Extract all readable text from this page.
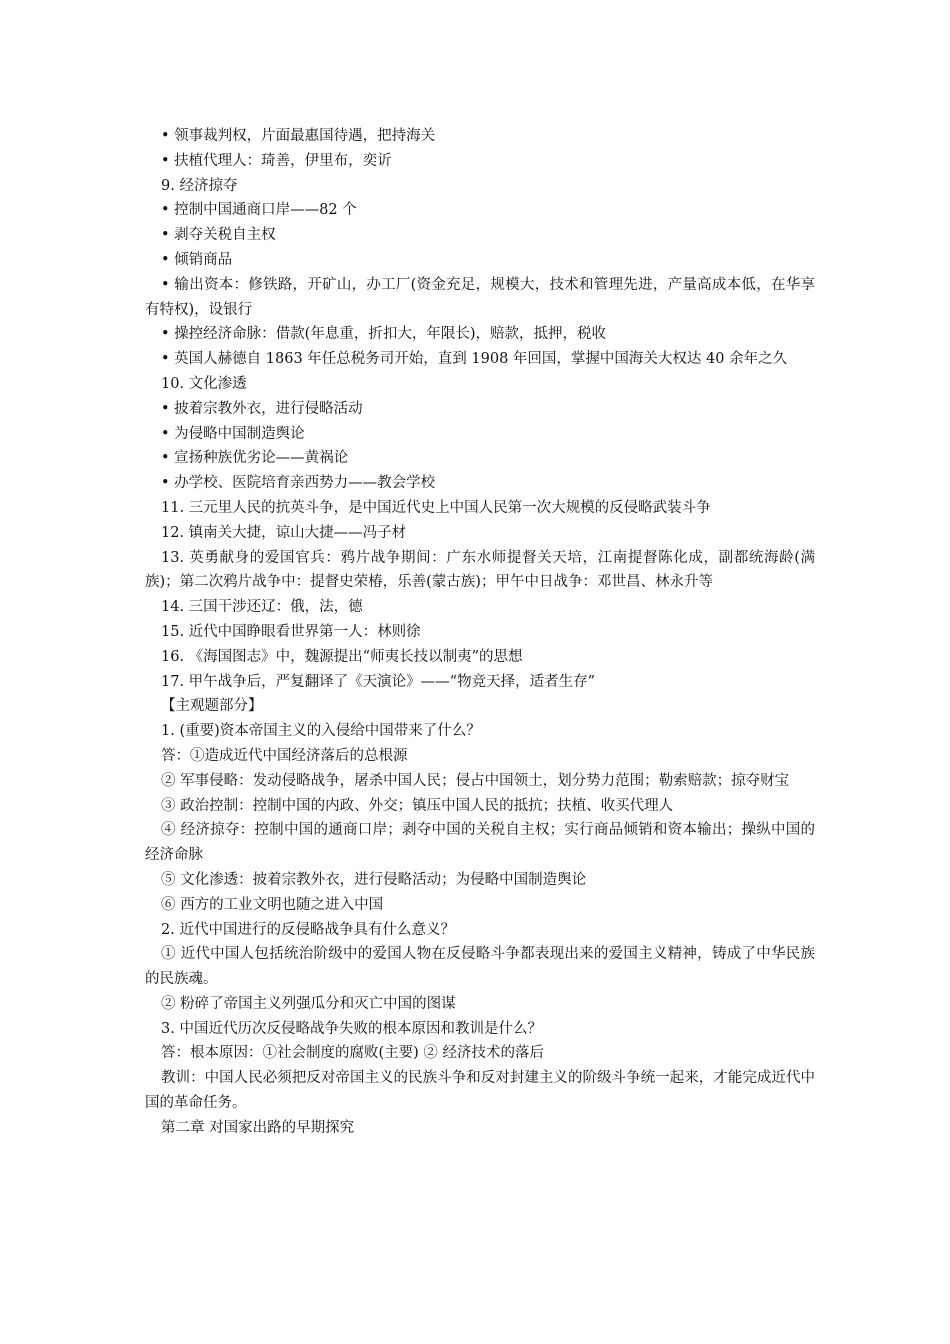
• 领事裁判权，片面最惠国待遇，把持海关

• 扶植代理人：琦善，伊里布，奕䜣

9. 经济掠夺

• 控制中国通商口岸——82 个

• 剥夺关税自主权

• 倾销商品

• 输出资本：修铁路，开矿山，办工厂(资金充足，规模大，技术和管理先进，产量高成本低，在华享有特权)，设银行

• 操控经济命脉：借款(年息重，折扣大，年限长)，赔款，抵押，税收

• 英国人赫德自 1863 年任总税务司开始，直到 1908 年回国，掌握中国海关大权达 40 余年之久

10. 文化渗透

• 披着宗教外衣，进行侵略活动

• 为侵略中国制造舆论

• 宣扬种族优劣论——黄祸论

• 办学校、医院培育亲西势力——教会学校

11. 三元里人民的抗英斗争，是中国近代史上中国人民第一次大规模的反侵略武装斗争

12. 镇南关大捷，谅山大捷——冯子材

13. 英勇献身的爱国官兵：鸦片战争期间：广东水师提督关天培，江南提督陈化成，副都统海龄(满族)；第二次鸦片战争中：提督史荣椿，乐善(蒙古族)；甲午中日战争：邓世昌、林永升等

14. 三国干涉还辽：俄，法，德

15. 近代中国睁眼看世界第一人：林则徐

16. 《海国图志》中，魏源提出“师夷长技以制夷”的思想

17. 甲午战争后，严复翻译了《天演论》——“物竞天择，适者生存”

【主观题部分】

1. (重要)资本帝国主义的入侵给中国带来了什么？

答：①造成近代中国经济落后的总根源

② 军事侵略：发动侵略战争，屠杀中国人民；侵占中国领土，划分势力范围；勒索赔款；掠夺财宝

③ 政治控制：控制中国的内政、外交；镇压中国人民的抵抗；扶植、收买代理人

④ 经济掠夺：控制中国的通商口岸；剥夺中国的关税自主权；实行商品倾销和资本输出；操纵中国的经济命脉

⑤ 文化渗透：披着宗教外衣，进行侵略活动；为侵略中国制造舆论

⑥ 西方的工业文明也随之进入中国

2. 近代中国进行的反侵略战争具有什么意义？

① 近代中国人包括统治阶级中的爱国人物在反侵略斗争都表现出来的爱国主义精神，铸成了中华民族的民族魂。

② 粉碎了帝国主义列强瓜分和灭亡中国的图谋

3. 中国近代历次反侵略战争失败的根本原因和教训是什么？

答：根本原因：①社会制度的腐败(主要) ② 经济技术的落后

教训：中国人民必须把反对帝国主义的民族斗争和反对封建主义的阶级斗争统一起来，才能完成近代中国的革命任务。

第二章 对国家出路的早期探究
